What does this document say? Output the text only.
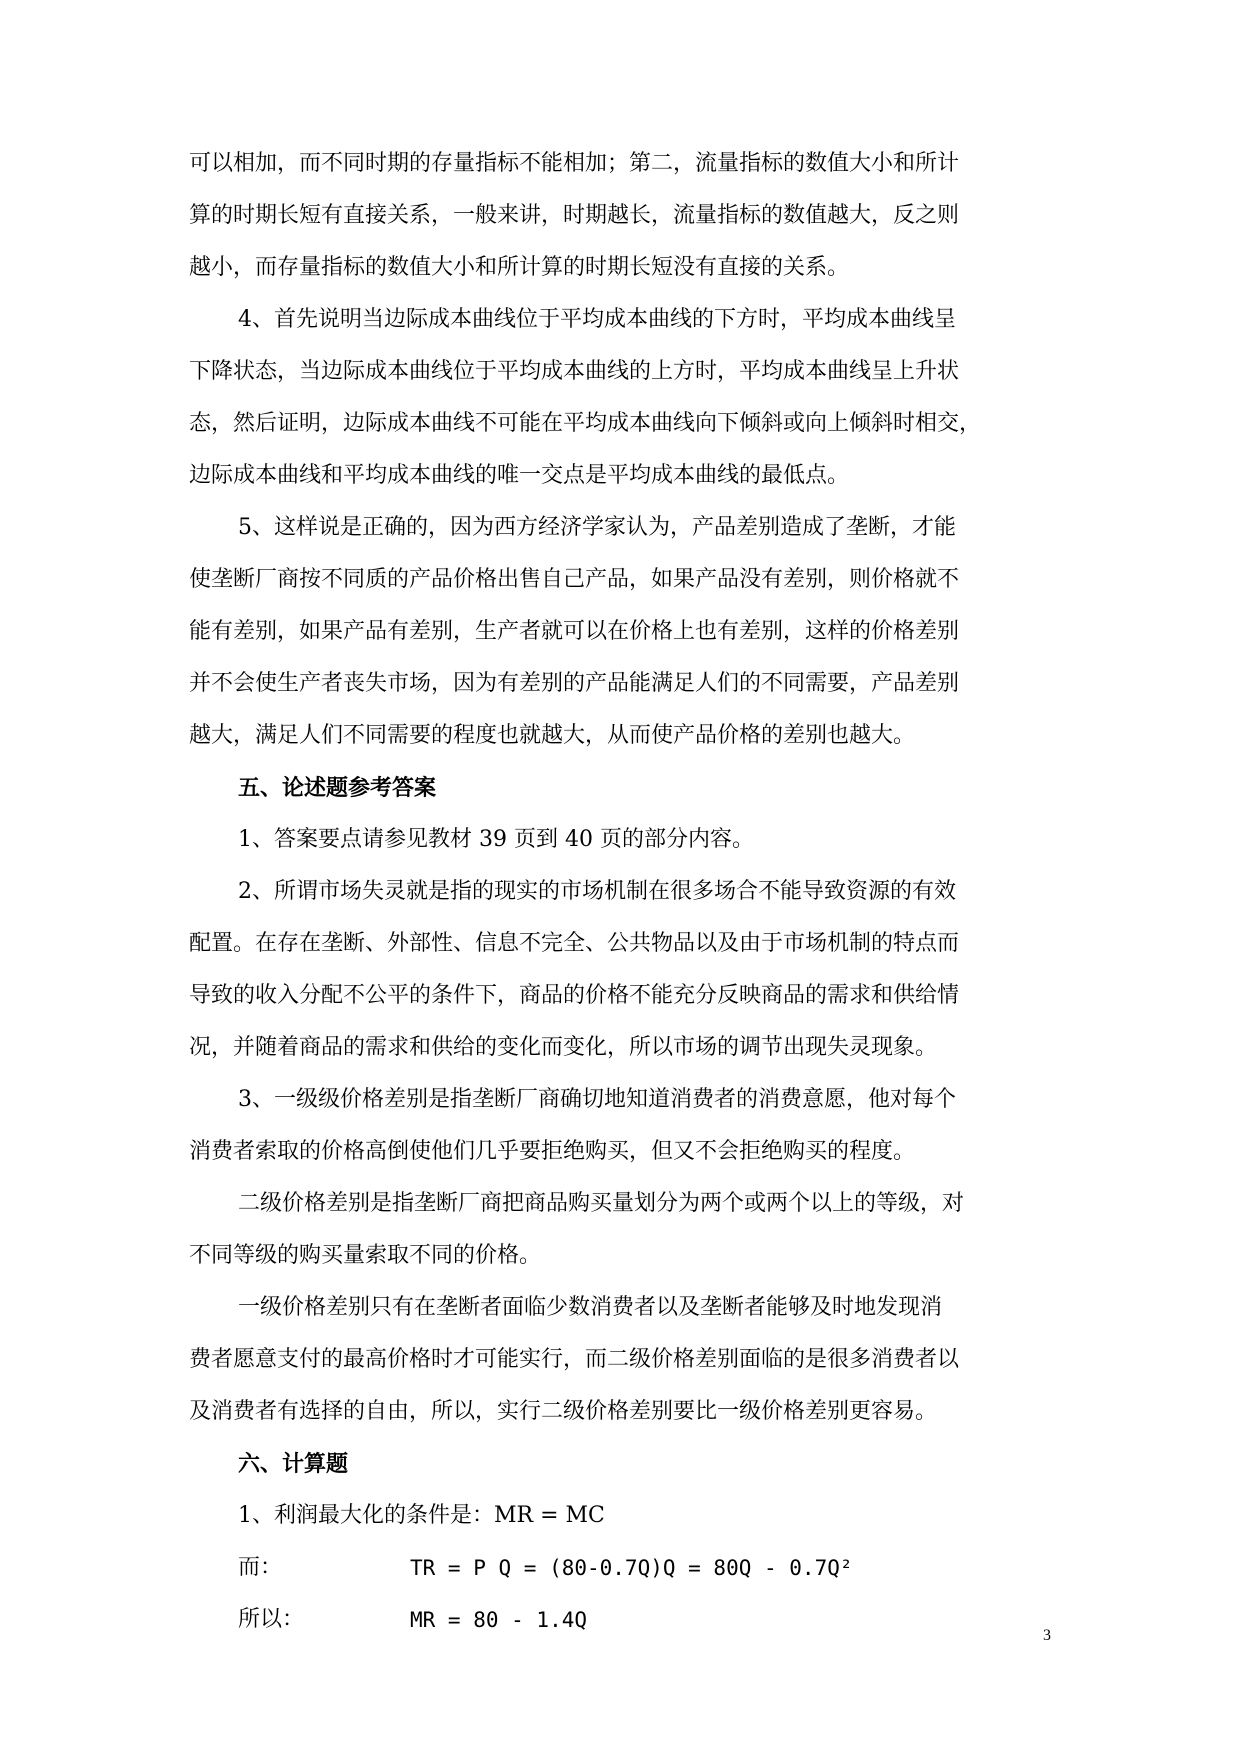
可以相加，而不同时期的存量指标不能相加；第二，流量指标的数值大小和所计
算的时期长短有直接关系，一般来讲，时期越长，流量指标的数值越大，反之则
越小，而存量指标的数值大小和所计算的时期长短没有直接的关系。
4、首先说明当边际成本曲线位于平均成本曲线的下方时，平均成本曲线呈
下降状态，当边际成本曲线位于平均成本曲线的上方时，平均成本曲线呈上升状
态，然后证明，边际成本曲线不可能在平均成本曲线向下倾斜或向上倾斜时相交，
边际成本曲线和平均成本曲线的唯一交点是平均成本曲线的最低点。
5、这样说是正确的，因为西方经济学家认为，产品差别造成了垄断，才能
使垄断厂商按不同质的产品价格出售自己产品，如果产品没有差别，则价格就不
能有差别，如果产品有差别，生产者就可以在价格上也有差别，这样的价格差别
并不会使生产者丧失市场，因为有差别的产品能满足人们的不同需要，产品差别
越大，满足人们不同需要的程度也就越大，从而使产品价格的差别也越大。
五、论述题参考答案
1、答案要点请参见教材 39 页到 40 页的部分内容。
2、所谓市场失灵就是指的现实的市场机制在很多场合不能导致资源的有效
配置。在存在垄断、外部性、信息不完全、公共物品以及由于市场机制的特点而
导致的收入分配不公平的条件下，商品的价格不能充分反映商品的需求和供给情
况，并随着商品的需求和供给的变化而变化，所以市场的调节出现失灵现象。
3、一级级价格差别是指垄断厂商确切地知道消费者的消费意愿，他对每个
消费者索取的价格高倒使他们几乎要拒绝购买，但又不会拒绝购买的程度。
二级价格差别是指垄断厂商把商品购买量划分为两个或两个以上的等级，对
不同等级的购买量索取不同的价格。
一级价格差别只有在垄断者面临少数消费者以及垄断者能够及时地发现消
费者愿意支付的最高价格时才可能实行，而二级价格差别面临的是很多消费者以
及消费者有选择的自由，所以，实行二级价格差别要比一级价格差别更容易。
六、计算题
1、利润最大化的条件是：MR = MC
而：	TR = P Q = (80-0.7Q)Q = 80Q - 0.7Q²
所以：	MR = 80 - 1.4Q
3
